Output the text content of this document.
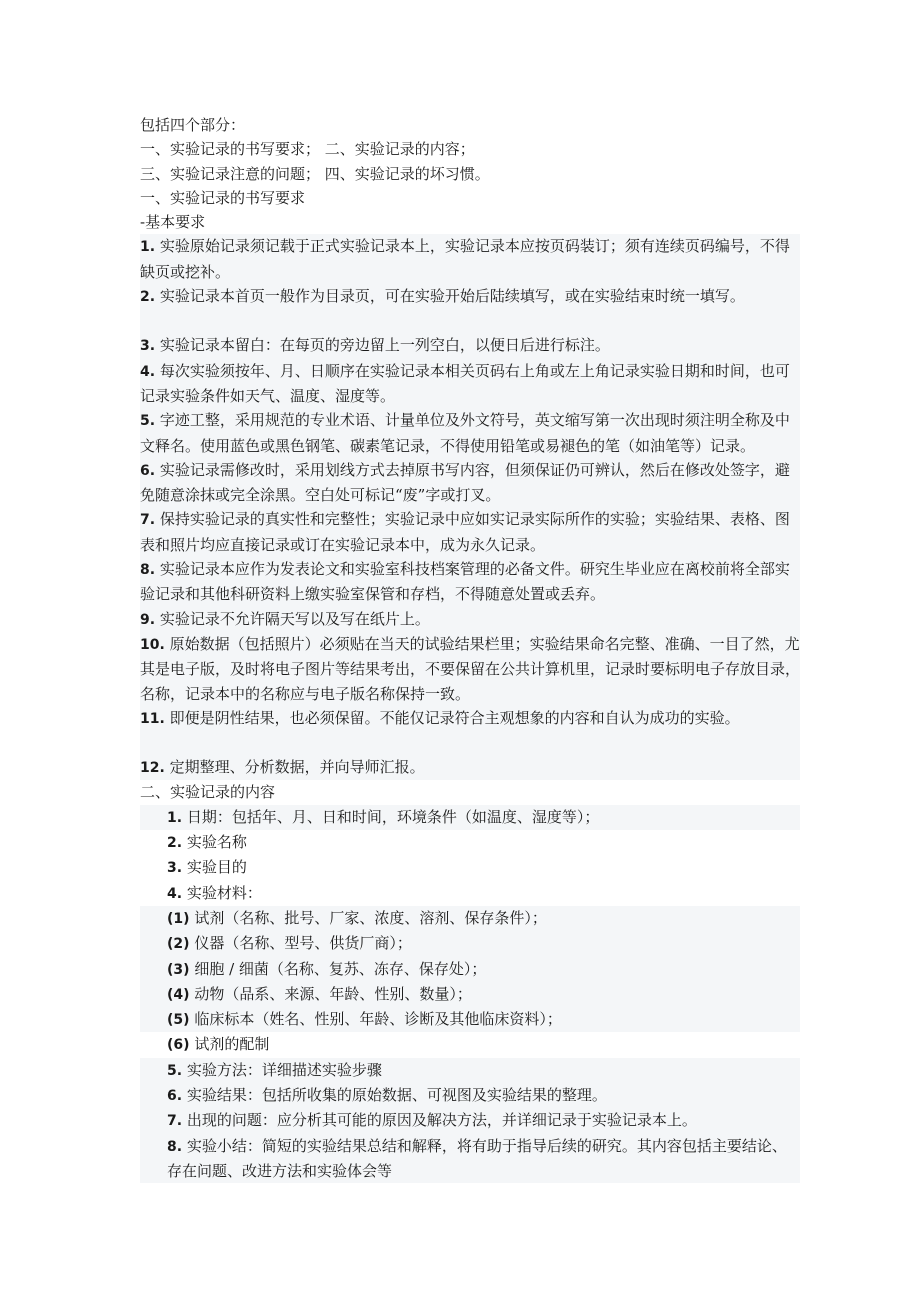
包括四个部分：

一、实验记录的书写要求； 二、实验记录的内容；

三、实验记录注意的问题； 四、实验记录的坏习惯。

一、实验记录的书写要求

-基本要求

1. 实验原始记录须记载于正式实验记录本上，实验记录本应按页码装订；须有连续页码编号，不得缺页或挖补。

2. 实验记录本首页一般作为目录页，可在实验开始后陆续填写，或在实验结束时统一填写。

3. 实验记录本留白：在每页的旁边留上一列空白，以便日后进行标注。

4. 每次实验须按年、月、日顺序在实验记录本相关页码右上角或左上角记录实验日期和时间，也可记录实验条件如天气、温度、湿度等。

5. 字迹工整，采用规范的专业术语、计量单位及外文符号，英文缩写第一次出现时须注明全称及中文释名。使用蓝色或黑色钢笔、碳素笔记录，不得使用铅笔或易褪色的笔（如油笔等）记录。

6. 实验记录需修改时，采用划线方式去掉原书写内容，但须保证仍可辨认，然后在修改处签字，避免随意涂抹或完全涂黑。空白处可标记“废”字或打叉。

7. 保持实验记录的真实性和完整性；实验记录中应如实记录实际所作的实验；实验结果、表格、图表和照片均应直接记录或订在实验记录本中，成为永久记录。

8. 实验记录本应作为发表论文和实验室科技档案管理的必备文件。研究生毕业应在离校前将全部实验记录和其他科研资料上缴实验室保管和存档，不得随意处置或丢弃。

9. 实验记录不允许隔天写以及写在纸片上。

10. 原始数据（包括照片）必须贴在当天的试验结果栏里；实验结果命名完整、准确、一目了然，尤其是电子版，及时将电子图片等结果考出，不要保留在公共计算机里，记录时要标明电子存放目录，名称，记录本中的名称应与电子版名称保持一致。

11. 即便是阴性结果，也必须保留。不能仅记录符合主观想象的内容和自认为成功的实验。

12. 定期整理、分析数据，并向导师汇报。

二、实验记录的内容

1. 日期：包括年、月、日和时间，环境条件（如温度、湿度等）；

2. 实验名称

3. 实验目的

4. 实验材料：

(1) 试剂（名称、批号、厂家、浓度、溶剂、保存条件）；

(2) 仪器（名称、型号、供货厂商）；

(3) 细胞 / 细菌（名称、复苏、冻存、保存处）；

(4) 动物（品系、来源、年龄、性别、数量）；

(5) 临床标本（姓名、性别、年龄、诊断及其他临床资料）；

(6) 试剂的配制

5. 实验方法：详细描述实验步骤

6. 实验结果：包括所收集的原始数据、可视图及实验结果的整理。

7. 出现的问题：应分析其可能的原因及解决方法，并详细记录于实验记录本上。

8. 实验小结：简短的实验结果总结和解释，将有助于指导后续的研究。其内容包括主要结论、存在问题、改进方法和实验体会等
